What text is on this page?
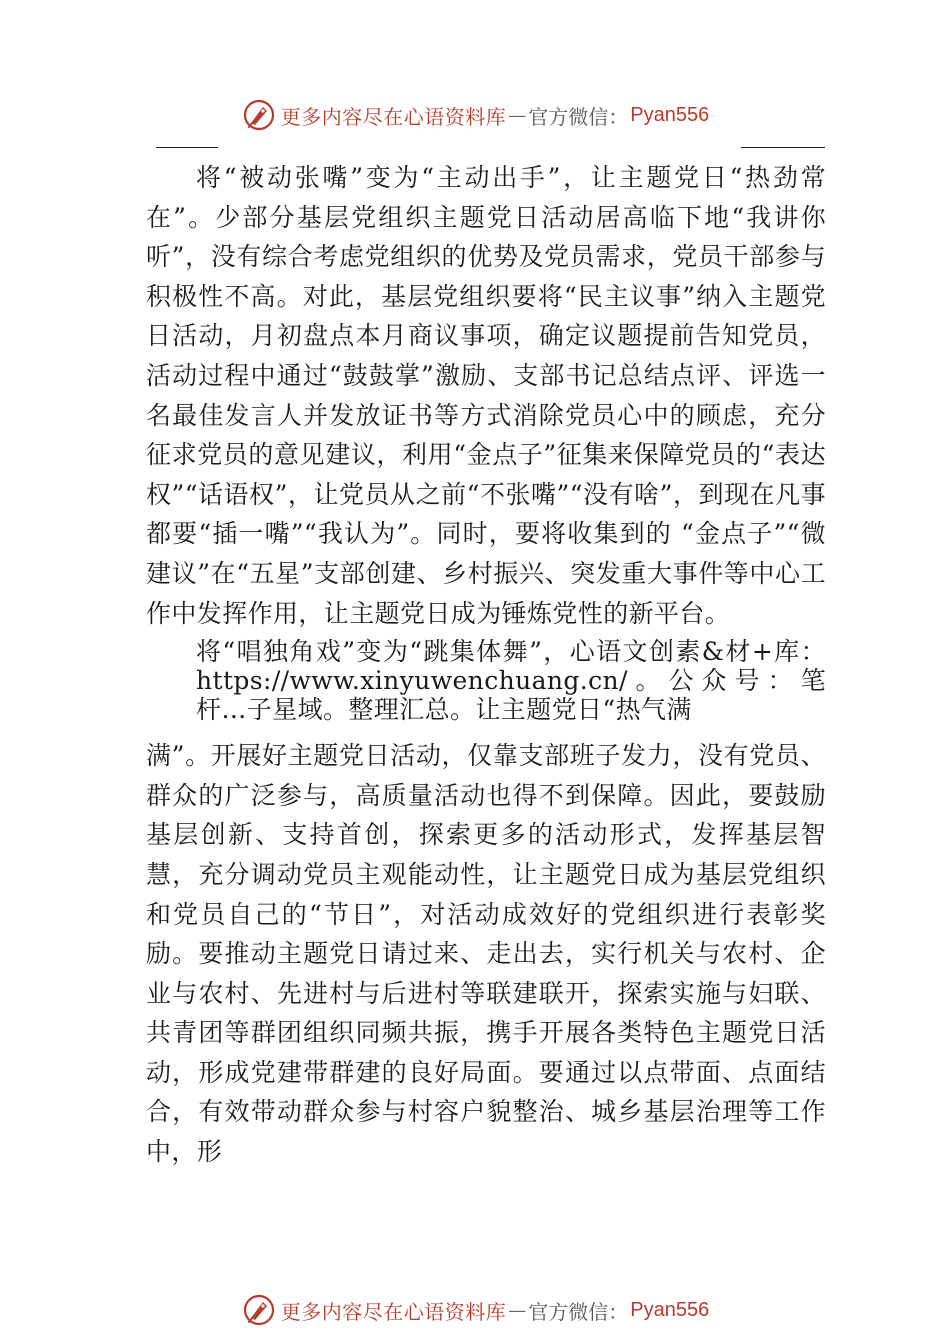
更多内容尽在心语资料库 — 官方微信： Pyan556

将“被动张嘴”变为“主动出手”，让主题党日“热劲常在”。少部分基层党组织主题党日活动居高临下地“我讲你听”，没有综合考虑党组织的优势及党员需求，党员干部参与积极性不高。对此，基层党组织要将“民主议事”纳入主题党日活动，月初盘点本月商议事项，确定议题提前告知党员， 活动过程中通过“鼓鼓掌”激励、支部书记总结点评、评选一名最佳发言人并发放证书等方式消除党员心中的顾虑，充分征求党员的意见建议，利用“金点子”征集来保障党员的“表达权”“话语权”，让党员从之前“不张嘴”“没有啥”，到现在凡事都要“插一嘴”“我认为”。同时，要将收集到的 “金点子”“微建议”在“五星”支部创建、乡村振兴、突发重大事件等中心工作中发挥作用，让主题党日成为锤炼党性的新平台。

将“唱独角戏”变为“跳集体舞”，心语文创素&材+库：https://www.xinyuwenchuang.cn/。公众号：笔杆…子星域。整理汇总。让主题党日“热气满

满”。开展好主题党日活动，仅靠支部班子发力，没有党员、群众的广泛参与，高质量活动也得不到保障。因此，要鼓励基层创新、支持首创，探索更多的活动形式，发挥基层智慧，充分调动党员主观能动性，让主题党日成为基层党组织和党员自己的“节日”，对活动成效好的党组织进行表彰奖励。要推动主题党日请过来、走出去，实行机关与农村、企业与农村、先进村与后进村等联建联开，探索实施与妇联、共青团等群团组织同频共振，携手开展各类特色主题党日活动，形成党建带群建的良好局面。要通过以点带面、点面结合，有效带动群众参与村容户貌整治、城乡基层治理等工作中，形

更多内容尽在心语资料库 — 官方微信： Pyan556
